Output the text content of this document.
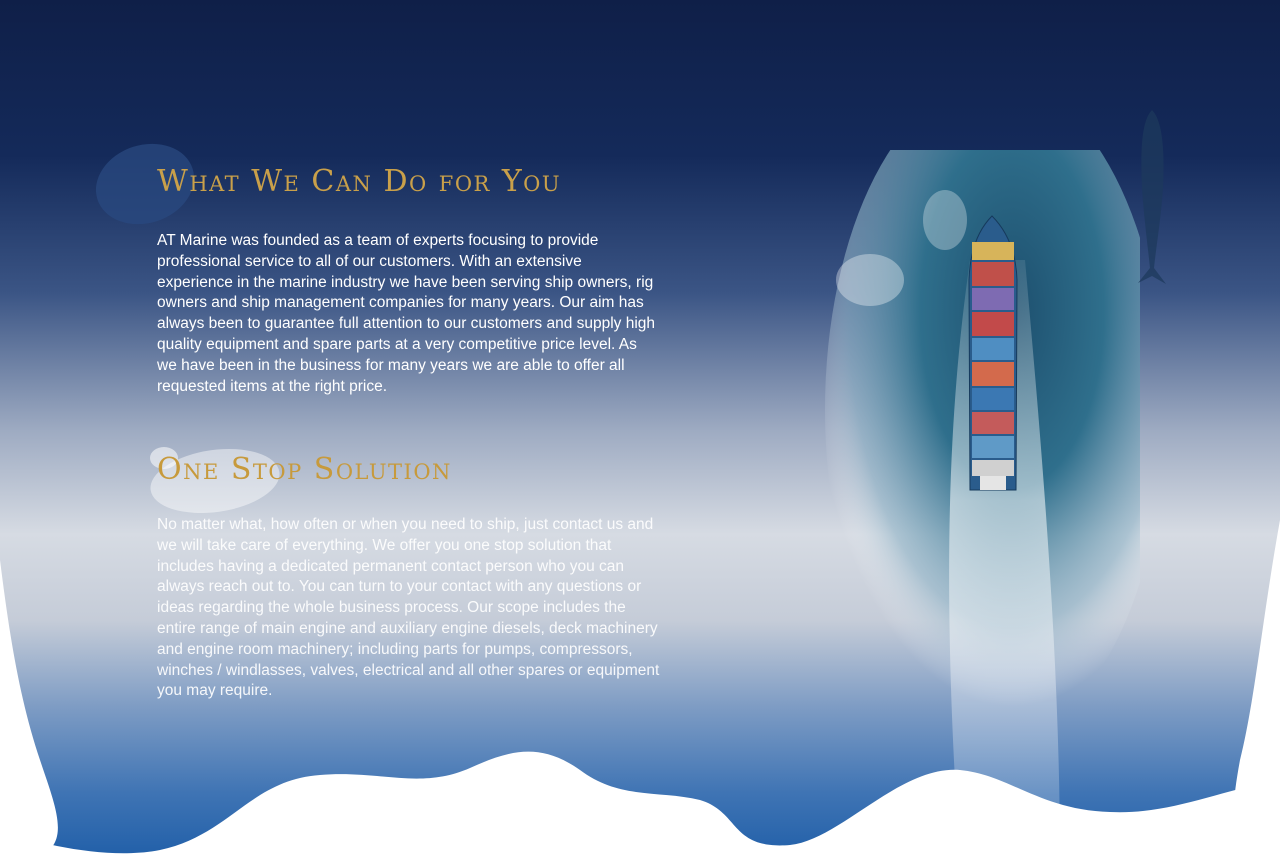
What We Can Do for You

AT Marine was founded as a team of experts focusing to provide professional service to all of our customers. With an extensive experience in the marine industry we have been serving ship owners, rig owners and ship management companies for many years. Our aim has always been to guarantee full attention to our customers and supply high quality equipment and spare parts at a very competitive price level. As we have been in the business for many years we are able to offer all requested items at the right price.

One Stop Solution

No matter what, how often or when you need to ship, just contact us and we will take care of everything. We offer you one stop solution that includes having a dedicated permanent contact person who you can always reach out to. You can turn to your contact with any questions or ideas regarding the whole business process. Our scope includes the entire range of main engine and auxiliary engine diesels, deck machinery and engine room machinery; including parts for pumps, compressors, winches / windlasses, valves, electrical and all other spares or equipment you may require.
